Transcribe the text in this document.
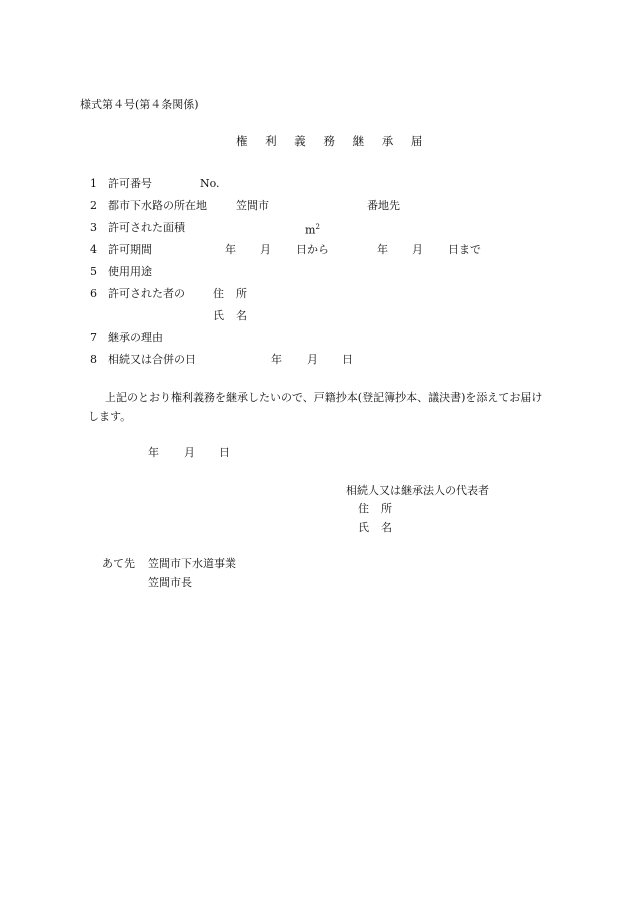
様式第４号(第４条関係)
権 利 義 務 継 承 届
1 許可番号	No.
2 都市下水路の所在地	笠間市	番地先
3 許可された面積	$m^2$
4 許可期間	年 月 日から	年 月 日まで
5 使用用途
6 許可された者の	住 所
氏 名
7 継承の理由
8 相続又は合併の日	年 月 日
上記のとおり権利義務を継承したいので、戸籍抄本(登記簿抄本、議決書)を添えてお届けします。
年 月 日
相続人又は継承法人の代表者
住 所
氏 名
あて先 笠間市下水道事業
笠間市長
